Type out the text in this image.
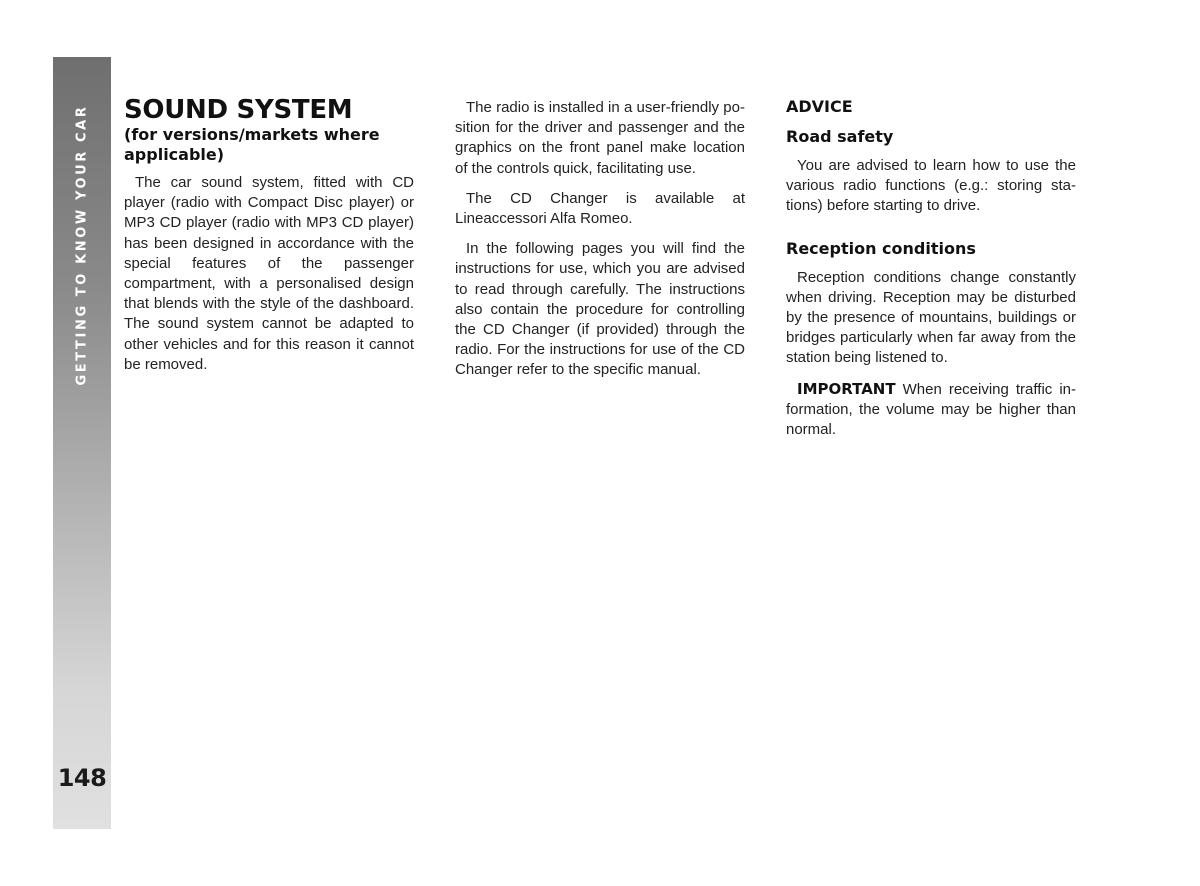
GETTING TO KNOW YOUR CAR
148
SOUND SYSTEM
(for versions/markets where applicable)

The car sound system, fitted with CD player (radio with Compact Disc player) or MP3 CD player (radio with MP3 CD player) has been designed in accordance with the special features of the passenger compartment, with a personalised design that blends with the style of the dashboard. The sound system cannot be adapted to other vehicles and for this reason it cannot be removed.

The radio is installed in a user-friendly position for the driver and passenger and the graphics on the front panel make location of the controls quick, facilitating use.

The CD Changer is available at Lineaccessori Alfa Romeo.

In the following pages you will find the instructions for use, which you are advised to read through carefully. The instructions also contain the procedure for controlling the CD Changer (if provided) through the radio. For the instructions for use of the CD Changer refer to the specific manual.

ADVICE
Road safety

You are advised to learn how to use the various radio functions (e.g.: storing stations) before starting to drive.

Reception conditions

Reception conditions change constantly when driving. Reception may be disturbed by the presence of mountains, buildings or bridges particularly when far away from the station being listened to.

IMPORTANT When receiving traffic information, the volume may be higher than normal.
